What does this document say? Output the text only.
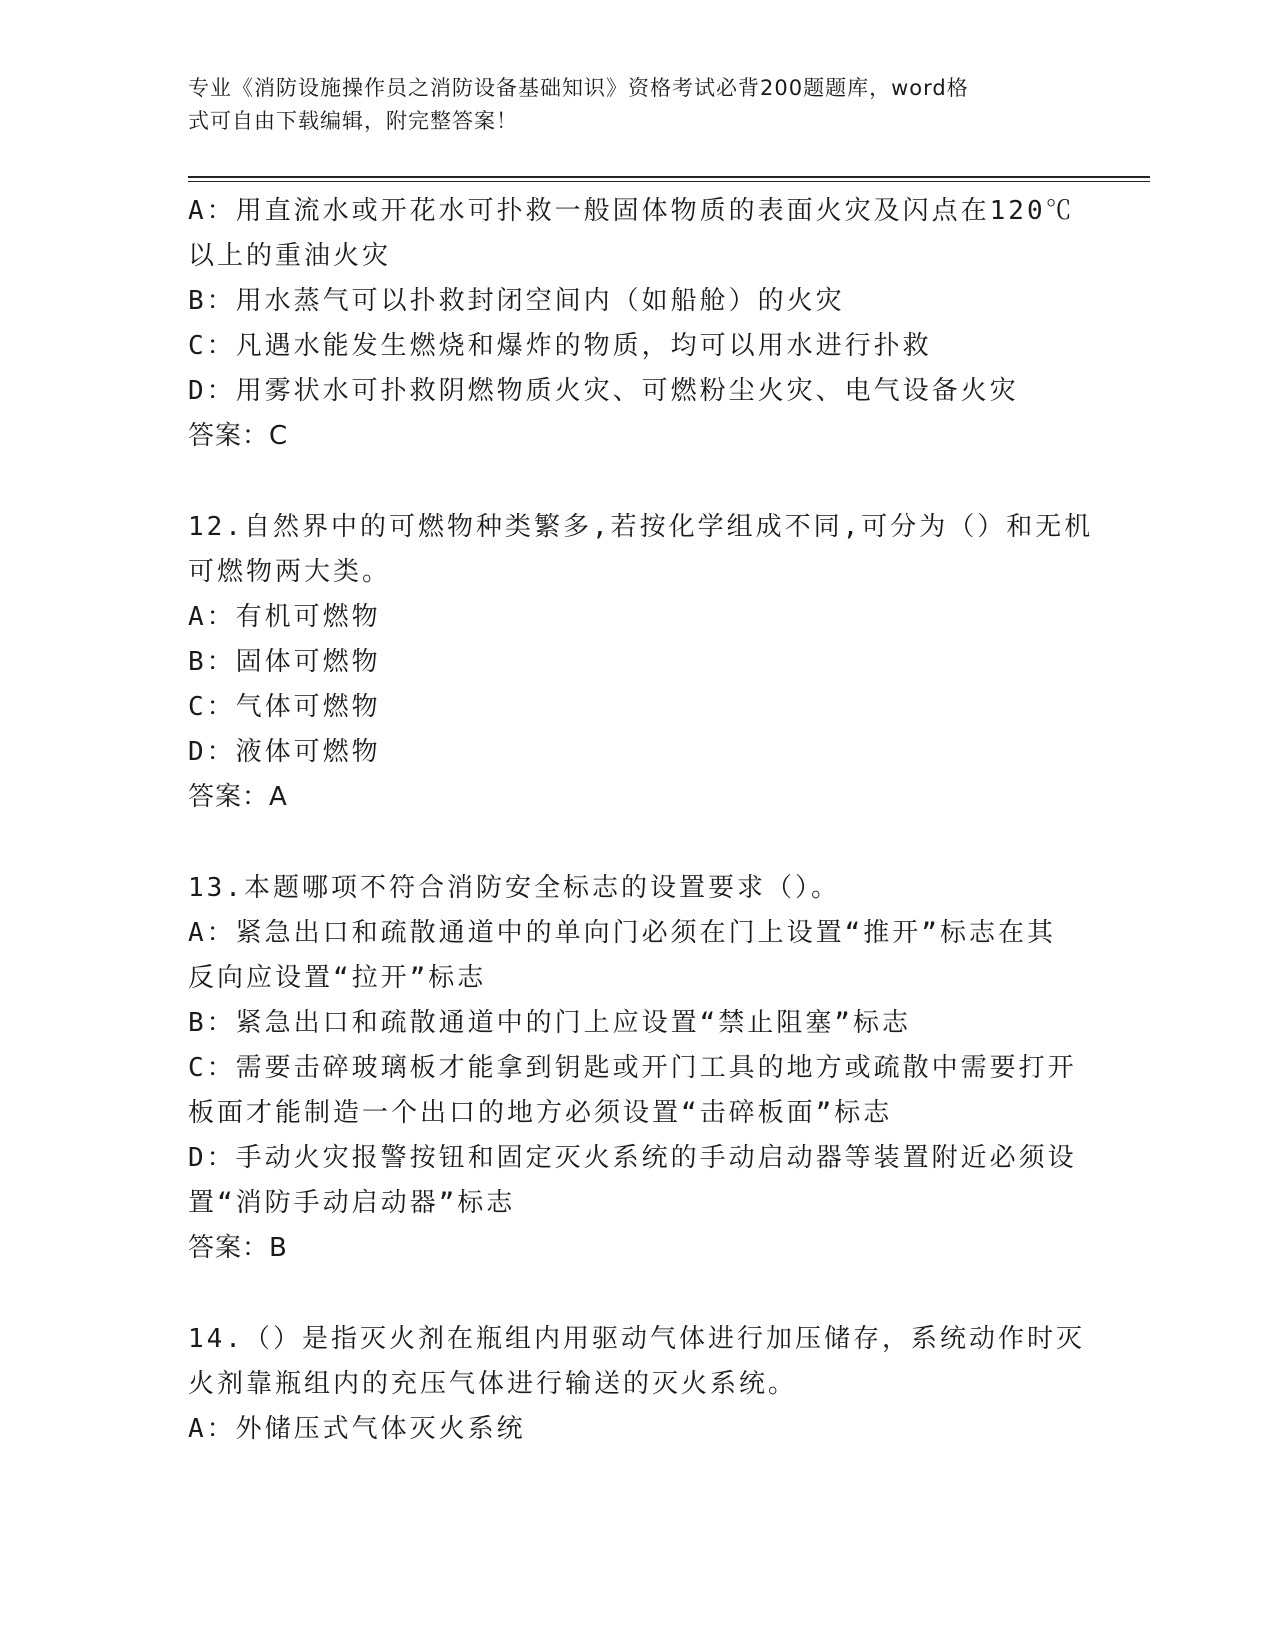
专业《消防设施操作员之消防设备基础知识》资格考试必背200题题库，word格
式可自由下载编辑，附完整答案！
A：用直流水或开花水可扑救一般固体物质的表面火灾及闪点在120℃
以上的重油火灾
B：用水蒸气可以扑救封闭空间内（如船舱）的火灾
C：凡遇水能发生燃烧和爆炸的物质，均可以用水进行扑救
D：用雾状水可扑救阴燃物质火灾、可燃粉尘火灾、电气设备火灾
答案：C
12.自然界中的可燃物种类繁多,若按化学组成不同,可分为（）和无机
可燃物两大类。
A：有机可燃物
B：固体可燃物
C：气体可燃物
D：液体可燃物
答案：A
13.本题哪项不符合消防安全标志的设置要求（）。
A：紧急出口和疏散通道中的单向门必须在门上设置“推开”标志在其
反向应设置“拉开”标志
B：紧急出口和疏散通道中的门上应设置“禁止阻塞”标志
C：需要击碎玻璃板才能拿到钥匙或开门工具的地方或疏散中需要打开
板面才能制造一个出口的地方必须设置“击碎板面”标志
D：手动火灾报警按钮和固定灭火系统的手动启动器等装置附近必须设
置“消防手动启动器”标志
答案：B
14.（）是指灭火剂在瓶组内用驱动气体进行加压储存，系统动作时灭
火剂靠瓶组内的充压气体进行输送的灭火系统。
A：外储压式气体灭火系统
